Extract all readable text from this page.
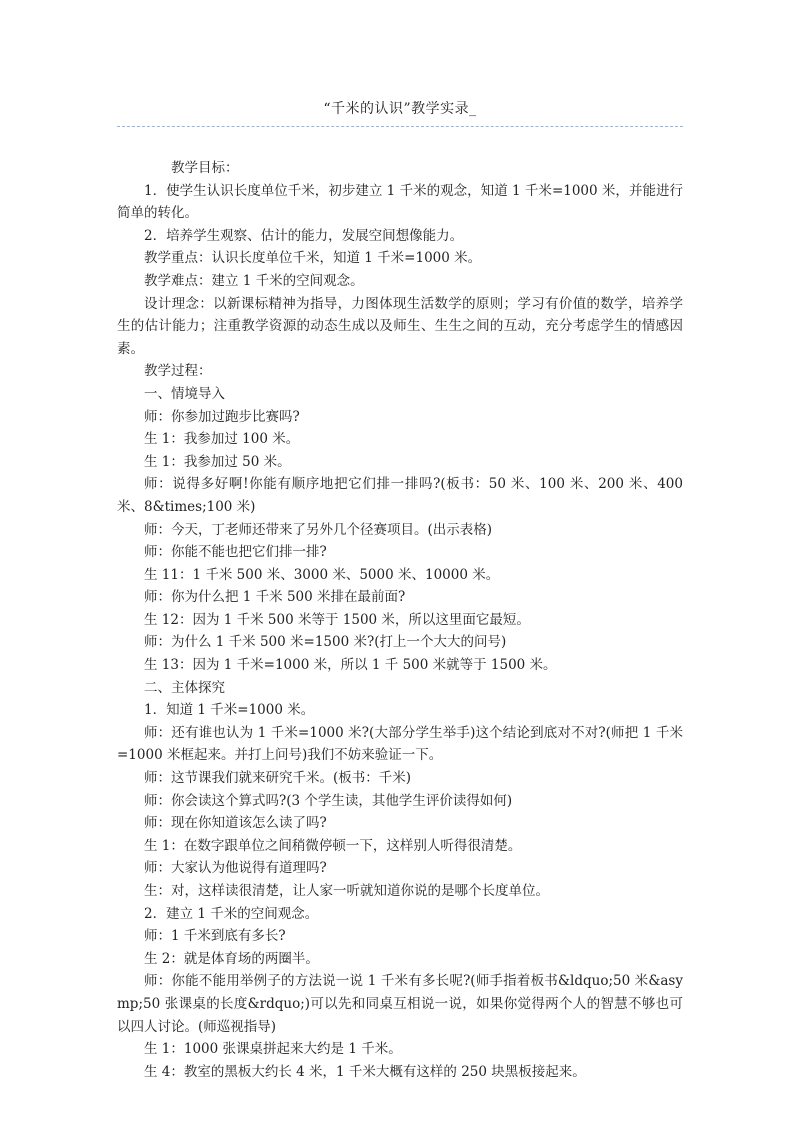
“千米的认识”教学实录_

教学目标：

1．使学生认识长度单位千米，初步建立 1 千米的观念，知道 1 千米=1000 米，并能进行简单的转化。

2．培养学生观察、估计的能力，发展空间想像能力。

教学重点：认识长度单位千米，知道 1 千米=1000 米。

教学难点：建立 1 千米的空间观念。

设计理念：以新课标精神为指导，力图体现生活数学的原则；学习有价值的数学，培养学生的估计能力；注重教学资源的动态生成以及师生、生生之间的互动，充分考虑学生的情感因素。

教学过程：

一、情境导入

师：你参加过跑步比赛吗?

生 1：我参加过 100 米。

生 1：我参加过 50 米。

师：说得多好啊!你能有顺序地把它们排一排吗?(板书：50 米、100 米、200 米、400 米、8&times;100 米)

师：今天，丁老师还带来了另外几个径赛项目。(出示表格)

师：你能不能也把它们排一排?

生 11：1 千米 500 米、3000 米、5000 米、10000 米。

师：你为什么把 1 千米 500 米排在最前面?

生 12：因为 1 千米 500 米等于 1500 米，所以这里面它最短。

师：为什么 1 千米 500 米=1500 米?(打上一个大大的问号)

生 13：因为 1 千米=1000 米，所以 1 千 500 米就等于 1500 米。

二、主体探究

1．知道 1 千米=1000 米。

师：还有谁也认为 1 千米=1000 米?(大部分学生举手)这个结论到底对不对?(师把 1 千米=1000 米框起来。并打上问号)我们不妨来验证一下。

师：这节课我们就来研究千米。(板书：千米)

师：你会读这个算式吗?(3 个学生读，其他学生评价读得如何)

师：现在你知道该怎么读了吗?

生 1：在数字跟单位之间稍微停顿一下，这样别人听得很清楚。

师：大家认为他说得有道理吗?

生：对，这样读很清楚，让人家一听就知道你说的是哪个长度单位。

2．建立 1 千米的空间观念。

师：1 千米到底有多长?

生 2：就是体育场的两圈半。

师：你能不能用举例子的方法说一说 1 千米有多长呢?(师手指着板书&ldquo;50 米&asymp;50 张课桌的长度&rdquo;)可以先和同桌互相说一说，如果你觉得两个人的智慧不够也可以四人讨论。(师巡视指导)

生 1：1000 张课桌拼起来大约是 1 千米。

生 4：教室的黑板大约长 4 米，1 千米大概有这样的 250 块黑板接起来。
